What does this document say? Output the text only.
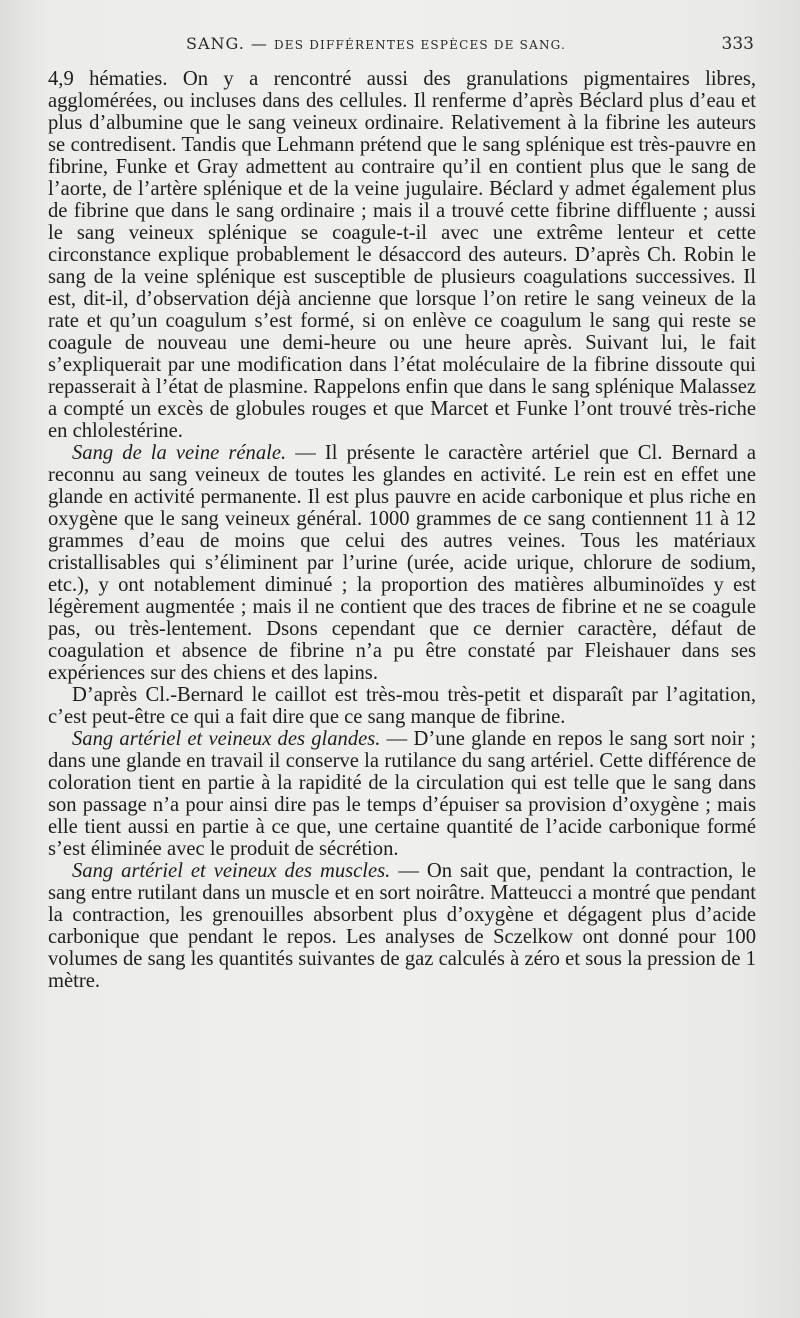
SANG. — DES DIFFÉRENTES ESPÈCES DE SANG.	333

4,9 hématies. On y a rencontré aussi des granulations pigmentaires libres, agglomérées, ou incluses dans des cellules. Il renferme d’après Béclard plus d’eau et plus d’albumine que le sang veineux ordinaire. Relativement à la fibrine les auteurs se contredisent. Tandis que Lehmann prétend que le sang splénique est très-pauvre en fibrine, Funke et Gray admettent au contraire qu’il en contient plus que le sang de l’aorte, de l’artère splénique et de la veine jugulaire. Béclard y admet également plus de fibrine que dans le sang ordinaire ; mais il a trouvé cette fibrine diffluente ; aussi le sang veineux splénique se coagule-t-il avec une extrême lenteur et cette circonstance explique probablement le désaccord des auteurs. D’après Ch. Robin le sang de la veine splénique est susceptible de plusieurs coagulations successives. Il est, dit-il, d’observation déjà ancienne que lorsque l’on retire le sang veineux de la rate et qu’un coagulum s’est formé, si on enlève ce coagulum le sang qui reste se coagule de nouveau une demi-heure ou une heure après. Suivant lui, le fait s’expliquerait par une modification dans l’état moléculaire de la fibrine dissoute qui repasserait à l’état de plasmine. Rappelons enfin que dans le sang splénique Malassez a compté un excès de globules rouges et que Marcet et Funke l’ont trouvé très-riche en chlolestérine.

Sang de la veine rénale. — Il présente le caractère artériel que Cl. Bernard a reconnu au sang veineux de toutes les glandes en activité. Le rein est en effet une glande en activité permanente. Il est plus pauvre en acide carbonique et plus riche en oxygène que le sang veineux général. 1000 grammes de ce sang contiennent 11 à 12 grammes d’eau de moins que celui des autres veines. Tous les matériaux cristallisables qui s’éliminent par l’urine (urée, acide urique, chlorure de sodium, etc.), y ont notablement diminué ; la proportion des matières albuminoïdes y est légèrement augmentée ; mais il ne contient que des traces de fibrine et ne se coagule pas, ou très-lentement. Dsons cependant que ce dernier caractère, défaut de coagulation et absence de fibrine n’a pu être constaté par Fleishauer dans ses expériences sur des chiens et des lapins.

D’après Cl.-Bernard le caillot est très-mou très-petit et disparaît par l’agitation, c’est peut-être ce qui a fait dire que ce sang manque de fibrine.

Sang artériel et veineux des glandes. — D’une glande en repos le sang sort noir ; dans une glande en travail il conserve la rutilance du sang artériel. Cette différence de coloration tient en partie à la rapidité de la circulation qui est telle que le sang dans son passage n’a pour ainsi dire pas le temps d’épuiser sa provision d’oxygène ; mais elle tient aussi en partie à ce que, une certaine quantité de l’acide carbonique formé s’est éliminée avec le produit de sécrétion.

Sang artériel et veineux des muscles. — On sait que, pendant la contraction, le sang entre rutilant dans un muscle et en sort noirâtre. Matteucci a montré que pendant la contraction, les grenouilles absorbent plus d’oxygène et dégagent plus d’acide carbonique que pendant le repos. Les analyses de Sczelkow ont donné pour 100 volumes de sang les quantités suivantes de gaz calculés à zéro et sous la pression de 1 mètre.
